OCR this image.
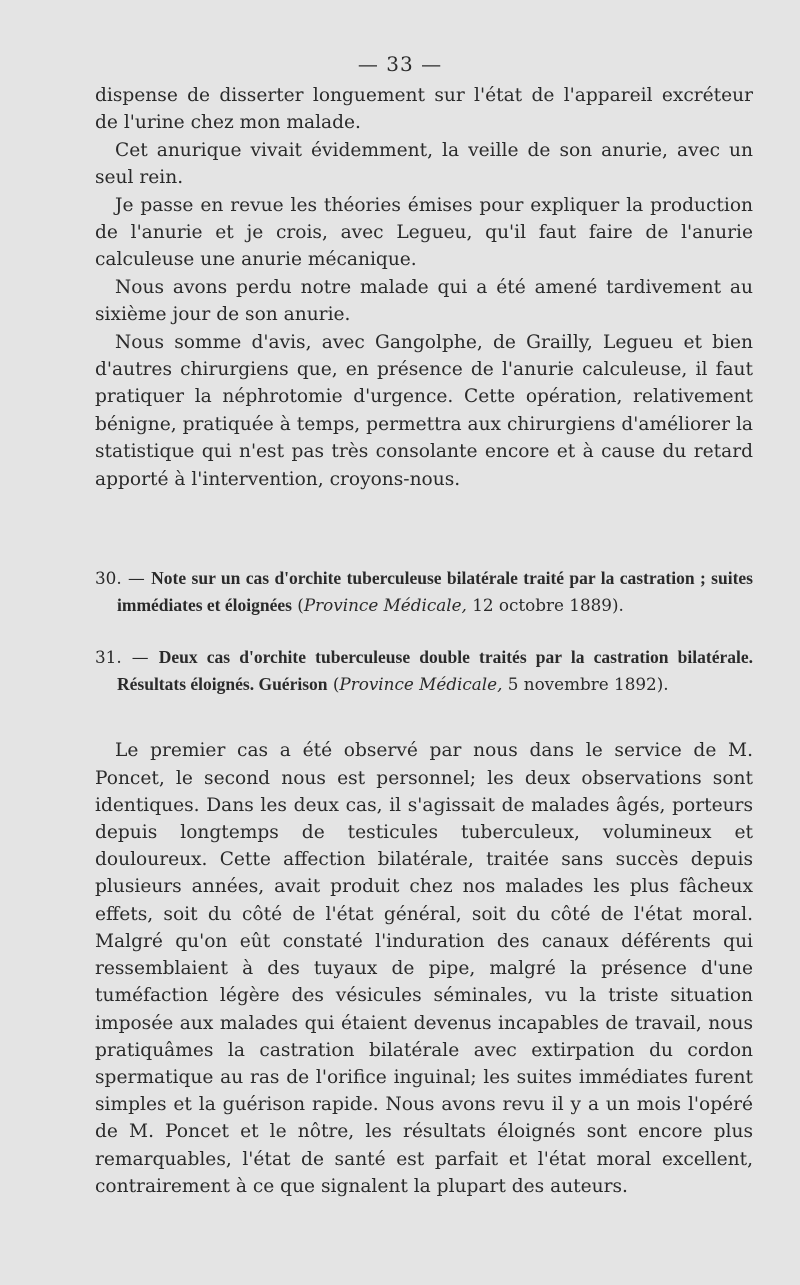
— 33 —

dispense de disserter longuement sur l'état de l'appareil excréteur de l'urine chez mon malade.

Cet anurique vivait évidemment, la veille de son anurie, avec un seul rein.

Je passe en revue les théories émises pour expliquer la production de l'anurie et je crois, avec Legueu, qu'il faut faire de l'anurie calculeuse une anurie mécanique.

Nous avons perdu notre malade qui a été amené tardivement au sixième jour de son anurie.

Nous somme d'avis, avec Gangolphe, de Grailly, Legueu et bien d'autres chirurgiens que, en présence de l'anurie calculeuse, il faut pratiquer la néphrotomie d'urgence. Cette opération, relativement bénigne, pratiquée à temps, permettra aux chirurgiens d'améliorer la statistique qui n'est pas très consolante encore et à cause du retard apporté à l'intervention, croyons-nous.

30. — Note sur un cas d'orchite tuberculeuse bilatérale traité par la castration ; suites immédiates et éloignées (Province Médicale, 12 octobre 1889).

31. — Deux cas d'orchite tuberculeuse double traités par la castration bilatérale. Résultats éloignés. Guérison (Province Médicale, 5 novembre 1892).

Le premier cas a été observé par nous dans le service de M. Poncet, le second nous est personnel; les deux observations sont identiques. Dans les deux cas, il s'agissait de malades âgés, porteurs depuis longtemps de testicules tuberculeux, volumineux et douloureux. Cette affection bilatérale, traitée sans succès depuis plusieurs années, avait produit chez nos malades les plus fâcheux effets, soit du côté de l'état général, soit du côté de l'état moral. Malgré qu'on eût constaté l'induration des canaux déférents qui ressemblaient à des tuyaux de pipe, malgré la présence d'une tuméfaction légère des vésicules séminales, vu la triste situation imposée aux malades qui étaient devenus incapables de travail, nous pratiquâmes la castration bilatérale avec extirpation du cordon spermatique au ras de l'orifice inguinal; les suites immédiates furent simples et la guérison rapide. Nous avons revu il y a un mois l'opéré de M. Poncet et le nôtre, les résultats éloignés sont encore plus remarquables, l'état de santé est parfait et l'état moral excellent, contrairement à ce que signalent la plupart des auteurs.
